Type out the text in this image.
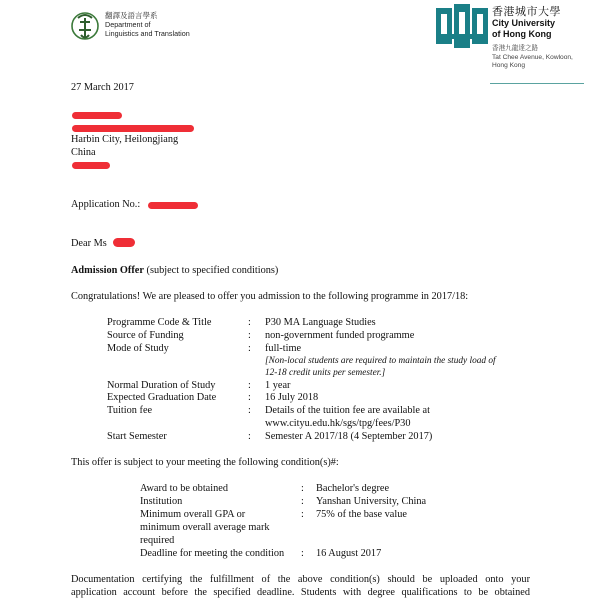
翻譯及語言學系
Department of
Linguistics and Translation
香港城市大學
City University
of Hong Kong
香港九龍達之路
Tat Chee Avenue, Kowloon,
Hong Kong
27 March 2017
Harbin City, Heilongjiang
China
Application No.:
Dear Ms
Admission Offer (subject to specified conditions)
Congratulations! We are pleased to offer you admission to the following programme in 2017/18:
Programme Code & Title	: P30 MA Language Studies
Source of Funding	: non-government funded programme
Mode of Study	: full-time
[Non-local students are required to maintain the study load of
12-18 credit units per semester.]
Normal Duration of Study	: 1 year
Expected Graduation Date	: 16 July 2018
Tuition fee	: Details of the tuition fee are available at
www.cityu.edu.hk/sgs/tpg/fees/P30
Start Semester	: Semester A 2017/18 (4 September 2017)
This offer is subject to your meeting the following condition(s)#:
Award to be obtained	: Bachelor's degree
Institution	: Yanshan University, China
Minimum overall GPA or	: 75% of the base value
minimum overall average mark
required
Deadline for meeting the condition : 16 August 2017
Documentation certifying the fulfillment of the above condition(s) should be uploaded onto your
application account before the specified deadline. Students with degree qualifications to be obtained
